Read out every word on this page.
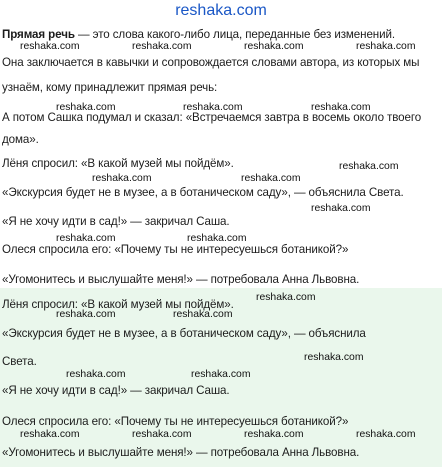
reshaka.com
Прямая речь — это слова какого-либо лица, переданные без изменений.
Она заключается в кавычки и сопровождается словами автора, из которых мы
узнаём, кому принадлежит прямая речь:
А потом Сашка подумал и сказал: «Встречаемся завтра в восемь около твоего
дома».
Лёня спросил: «В какой музей мы пойдём».
«Экскурсия будет не в музее, а в ботаническом саду», — объяснила Света.
«Я не хочу идти в сад!» — закричал Саша.
Олеся спросила его: «Почему ты не интересуешься ботаникой?»
«Угомонитесь и выслушайте меня!» — потребовала Анна Львовна.
Лёня спросил: «В какой музей мы пойдём».
«Экскурсия будет не в музее, а в ботаническом саду», — объяснила
Света.
«Я не хочу идти в сад!» — закричал Саша.
Олеся спросила его: «Почему ты не интересуешься ботаникой?»
«Угомонитесь и выслушайте меня!» — потребовала Анна Львовна.
reshaka.com	reshaka.com	reshaka.com	reshaka.com
reshaka.com	reshaka.com	reshaka.com
reshaka.com
reshaka.com	reshaka.com
reshaka.com
reshaka.com	reshaka.com
reshaka.com
reshaka.com	reshaka.com
reshaka.com
reshaka.com	reshaka.com
reshaka.com	reshaka.com	reshaka.com	reshaka.com
